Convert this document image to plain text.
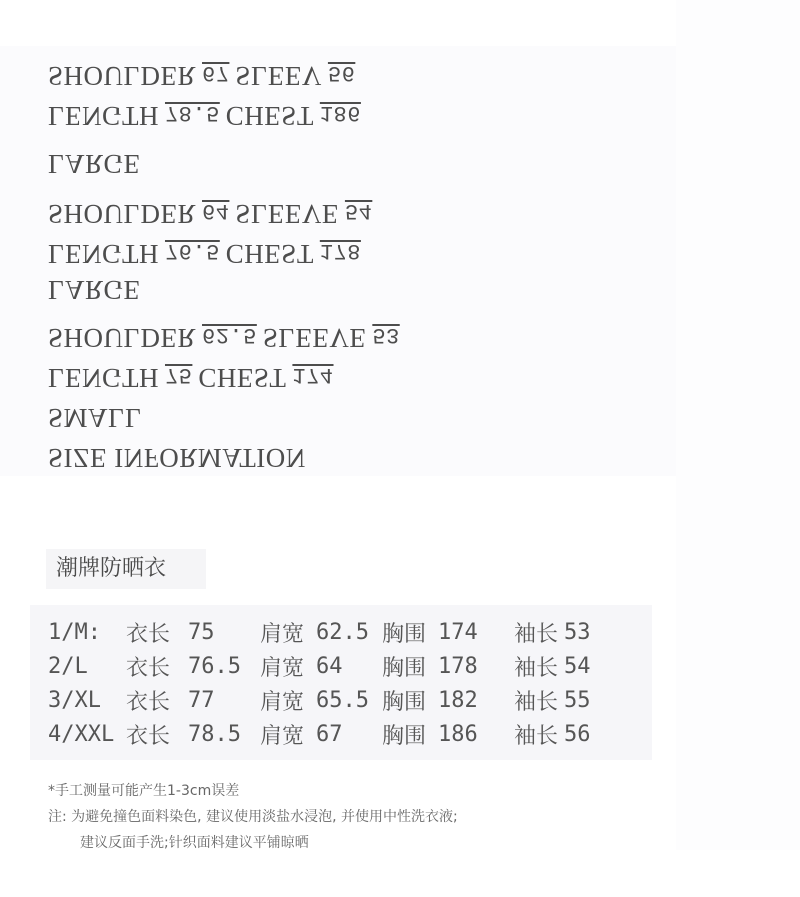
SHOULDER 67 SLEEV 56
LENGTH 78.5 CHEST 186
LARGE
SHOULDER 64 SLEEVE 54
LENGTH 76.5 CHEST 178
LARGE
SHOULDER 62.5 SLEEVE 53
LENGTH 75 CHEST 174
SMALL
SIZE INFORMATION
潮牌防晒衣
1/M:	衣长	75	肩宽	62.5	胸围	174	袖长	53
2/L	衣长	76.5	肩宽	64	胸围	178	袖长	54
3/XL	衣长	77	肩宽	65.5	胸围	182	袖长	55
4/XXL	衣长	78.5	肩宽	67	胸围	186	袖长	56
*手工测量可能产生1-3cm误差
注: 为避免撞色面料染色, 建议使用淡盐水浸泡, 并使用中性洗衣液;
建议反面手洗;针织面料建议平铺晾晒
